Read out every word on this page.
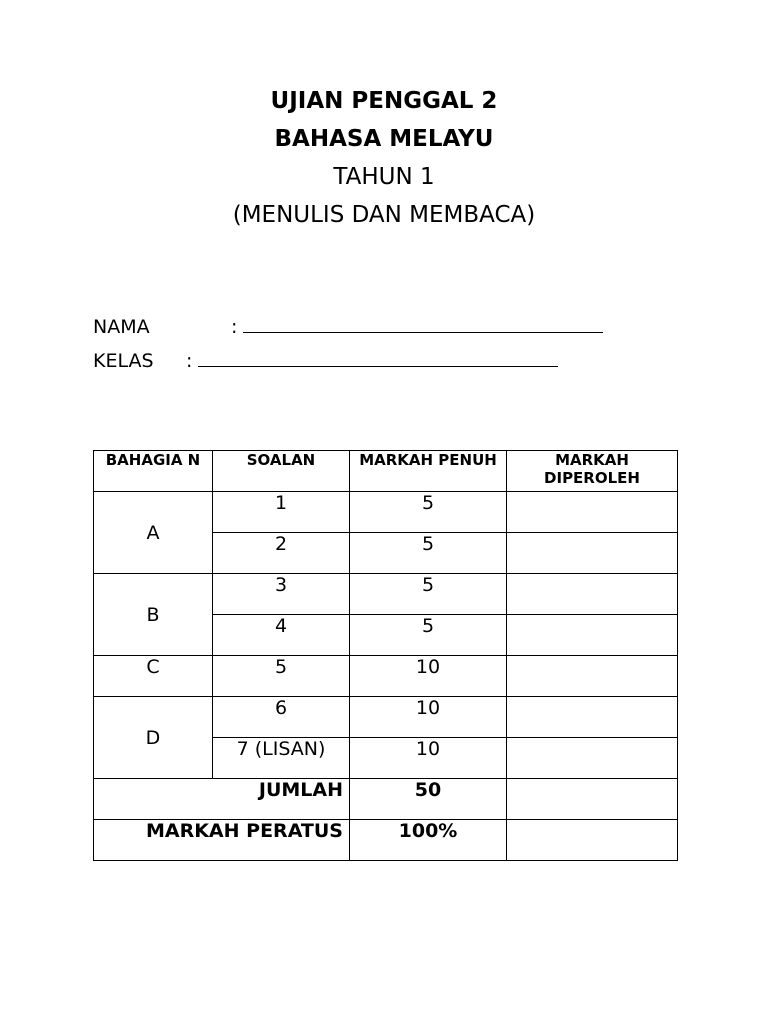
UJIAN PENGGAL 2
BAHASA MELAYU
TAHUN 1
(MENULIS DAN MEMBACA)
NAMA	:
KELAS :
BAHAGIA N	SOALAN	MARKAH PENUH	MARKAH DIPEROLEH
A	1	5	
	2	5	
B	3	5	
	4	5	
C	5	10	
D	6	10	
	7 (LISAN)	10	
JUMLAH		50	
MARKAH PERATUS		100%	
